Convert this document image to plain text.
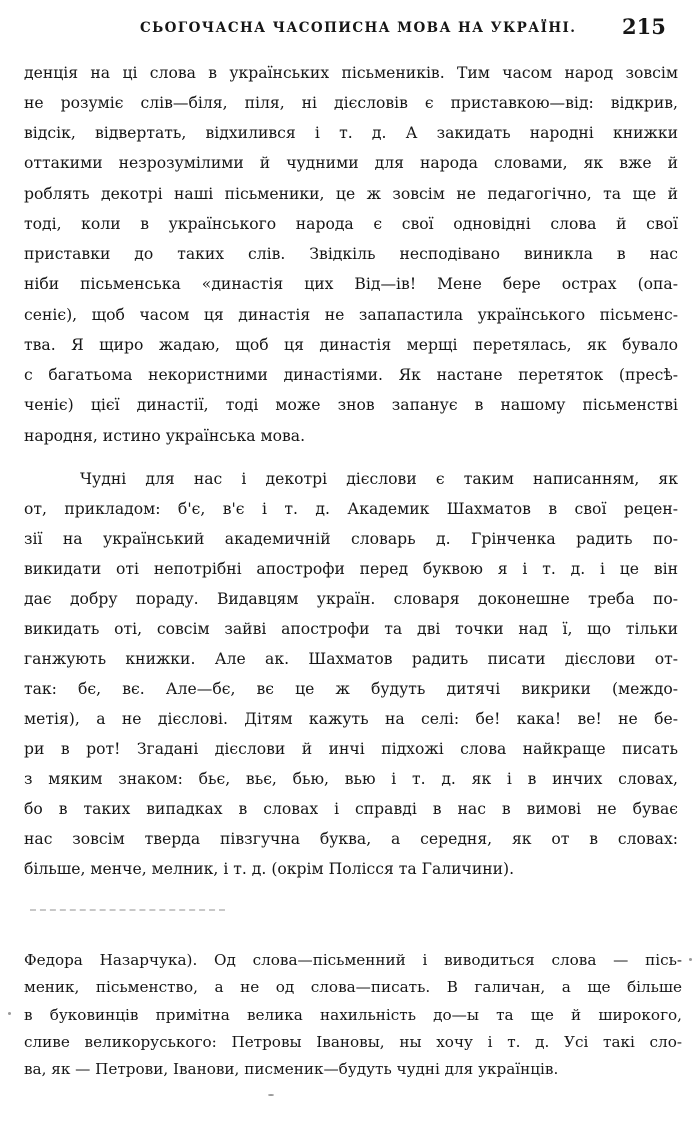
СЬОГОЧАСНА ЧАСОПИСНА МОВА НА УКРАЇНІ. 215
денція на ці слова в українських пісьмеників. Тим часом народ зовсім
не розуміє слів—біля, піля, ні дієсловів є приставкою—від: відкрив,
відсік, відвертать, відхилився і т. д. А закидать народні книжки
оттакими незрозумілими й чудними для народа словами, як вже й
роблять декотрі наші пісьменики, це ж зовсім не педагогічно, та ще й
тоді, коли в українського народа є свої одновідні слова й свої
приставки до таких слів. Звідкіль несподівано виникла в нас
ніби пісьменська «династія цих Від—ів! Мене бере острах (опа-
сеніє), щоб часом ця династія не запапастила українського пісьменс-
тва. Я щиро жадаю, щоб ця династія мерщі перетялась, як бувало
с багатьома некористними династіями. Як настане перетяток (пресѣ-
ченіє) цієї династії, тоді може знов запанує в нашому пісьменстві
народня, истино українська мова.
Чудні для нас і декотрі дієслови є таким написанням, як
от, прикладом: б'є, в'є і т. д. Академик Шахматов в свої рецен-
зії на український академичній словарь д. Грінченка радить по-
викидати оті непотрібні апострофи перед буквою я і т. д. і це він
дає добру пораду. Видавцям україн. словаря доконешне треба по-
викидать оті, совсім зайві апострофи та дві точки над ї, що тільки
ганжують книжки. Але ак. Шахматов радить писати дієслови от-
так: бє, вє. Але—бє, вє це ж будуть дитячі викрики (междо-
метія), а не дієслові. Дітям кажуть на селі: бе! кака! ве! не бе-
ри в рот! Згадані дієслови й инчі підхожі слова найкраще писать
з мяким знаком: бьє, вьє, бью, вью і т. д. як і в инчих словах,
бо в таких випадках в словах і справді в нас в вимові не буває
нас зовсім тверда півзгучна буква, а середня, як от в словах:
більше, менче, мелник, і т. д. (окрім Полісся та Галичини).
Федора Назарчука). Од слова—пісьменний і виводиться слова — пісь-
меник, пісьменство, а не од слова—писать. В галичан, а ще більше
в буковинців примітна велика нахильність до—ы та ще й широкого,
сливе великоруського: Петровы Івановы, ны хочу і т. д. Усі такі сло-
ва, як — Петрови, Іванови, писменик—будуть чудні для українців.
